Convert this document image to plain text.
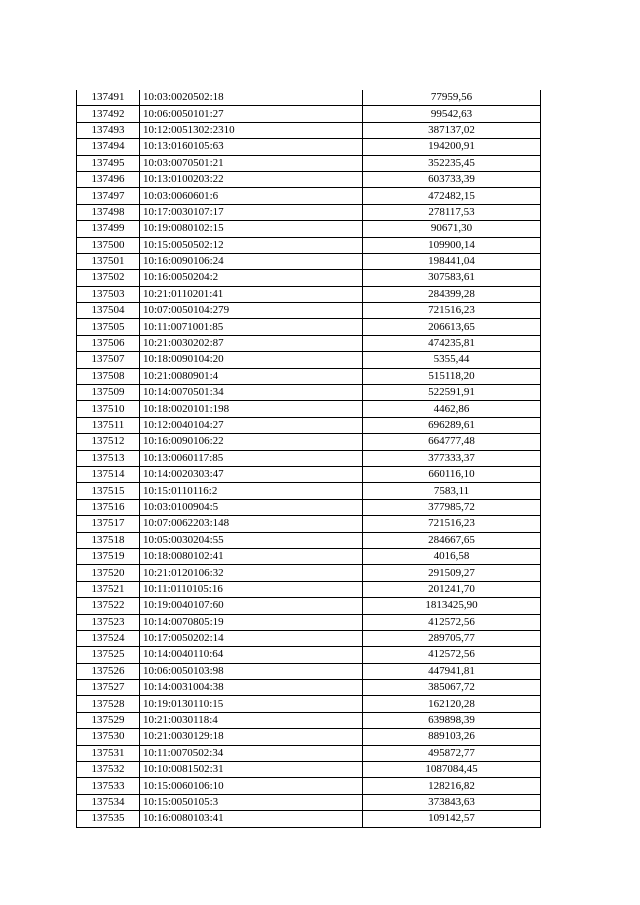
137491	10:03:0020502:18	77959,56
137492	10:06:0050101:27	99542,63
137493	10:12:0051302:2310	387137,02
137494	10:13:0160105:63	194200,91
137495	10:03:0070501:21	352235,45
137496	10:13:0100203:22	603733,39
137497	10:03:0060601:6	472482,15
137498	10:17:0030107:17	278117,53
137499	10:19:0080102:15	90671,30
137500	10:15:0050502:12	109900,14
137501	10:16:0090106:24	198441,04
137502	10:16:0050204:2	307583,61
137503	10:21:0110201:41	284399,28
137504	10:07:0050104:279	721516,23
137505	10:11:0071001:85	206613,65
137506	10:21:0030202:87	474235,81
137507	10:18:0090104:20	5355,44
137508	10:21:0080901:4	515118,20
137509	10:14:0070501:34	522591,91
137510	10:18:0020101:198	4462,86
137511	10:12:0040104:27	696289,61
137512	10:16:0090106:22	664777,48
137513	10:13:0060117:85	377333,37
137514	10:14:0020303:47	660116,10
137515	10:15:0110116:2	7583,11
137516	10:03:0100904:5	377985,72
137517	10:07:0062203:148	721516,23
137518	10:05:0030204:55	284667,65
137519	10:18:0080102:41	4016,58
137520	10:21:0120106:32	291509,27
137521	10:11:0110105:16	201241,70
137522	10:19:0040107:60	1813425,90
137523	10:14:0070805:19	412572,56
137524	10:17:0050202:14	289705,77
137525	10:14:0040110:64	412572,56
137526	10:06:0050103:98	447941,81
137527	10:14:0031004:38	385067,72
137528	10:19:0130110:15	162120,28
137529	10:21:0030118:4	639898,39
137530	10:21:0030129:18	889103,26
137531	10:11:0070502:34	495872,77
137532	10:10:0081502:31	1087084,45
137533	10:15:0060106:10	128216,82
137534	10:15:0050105:3	373843,63
137535	10:16:0080103:41	109142,57
